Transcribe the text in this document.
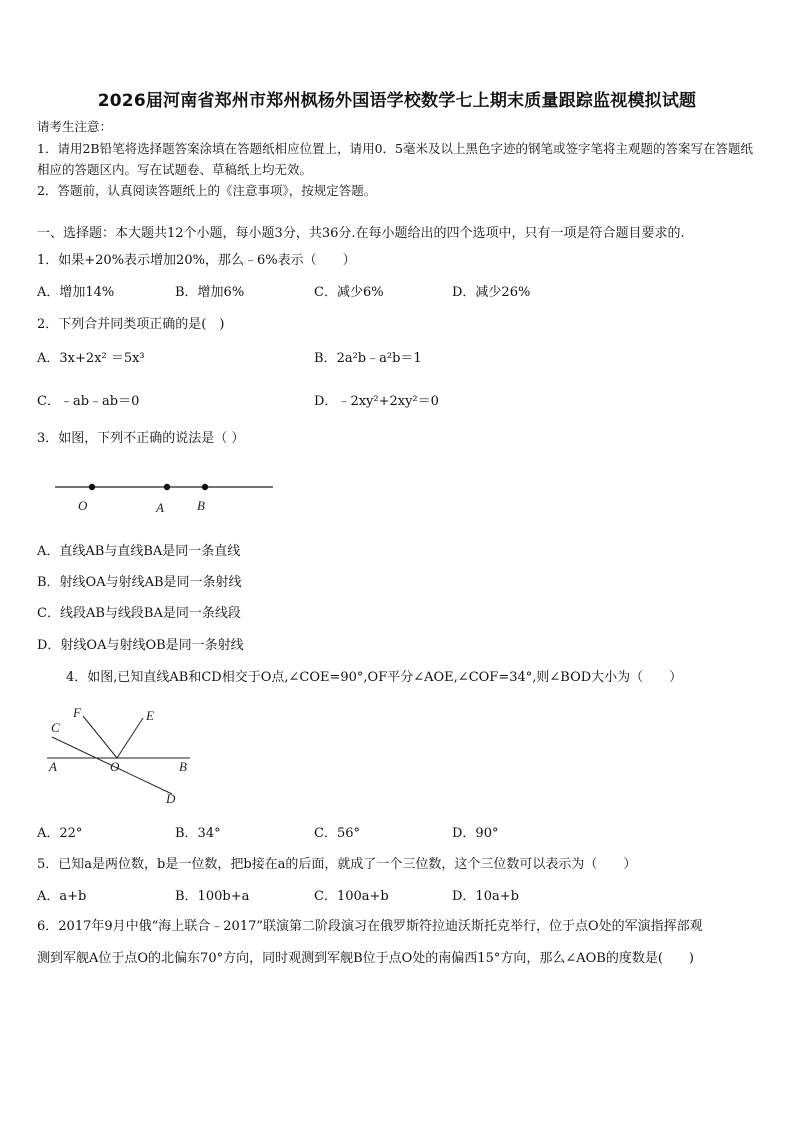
2026届河南省郑州市郑州枫杨外国语学校数学七上期末质量跟踪监视模拟试题
请考生注意：
1．请用2B铅笔将选择题答案涂填在答题纸相应位置上，请用0．5毫米及以上黑色字迹的钢笔或签字笔将主观题的答案写在答题纸相应的答题区内。写在试题卷、草稿纸上均无效。
2．答题前，认真阅读答题纸上的《注意事项》，按规定答题。
一、选择题：本大题共12个小题，每小题3分，共36分.在每小题给出的四个选项中，只有一项是符合题目要求的.
1．如果+20%表示增加20%，那么﹣6%表示（　　）
A．增加14%	B．增加6%	C．减少6%	D．减少26%
2．下列合并同类项正确的是(　)
A．3x+2x² ＝5x³	B．2a²b﹣a²b＝1
C．﹣ab﹣ab＝0	D．﹣2xy²+2xy²＝0
3．如图，下列不正确的说法是（ ）
O	A	B
A．直线AB与直线BA是同一条直线
B．射线OA与射线AB是同一条射线
C．线段AB与线段BA是同一条线段
D．射线OA与射线OB是同一条射线
4．如图,已知直线AB和CD相交于O点,∠COE=90°,OF平分∠AOE,∠COF=34°,则∠BOD大小为（　　）
F	E
C
A	O	B
D
A．22°	B．34°	C．56°	D．90°
5．已知a是两位数，b是一位数，把b接在a的后面，就成了一个三位数，这个三位数可以表示为（　　）
A．a+b	B．100b+a	C．100a+b	D．10a+b
6．2017年9月中俄“海上联合﹣2017”联演第二阶段演习在俄罗斯符拉迪沃斯托克举行，位于点O处的军演指挥部观
测到军舰A位于点O的北偏东70°方向，同时观测到军舰B位于点O处的南偏西15°方向，那么∠AOB的度数是(　　)
